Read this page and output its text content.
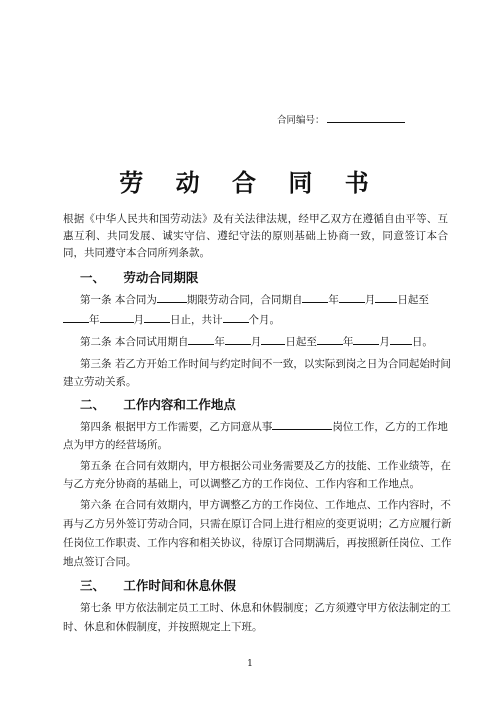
合同编号：
劳 动 合 同 书
根据《中华人民共和国劳动法》及有关法律法规，经甲乙双方在遵循自由平等、互惠互利、共同发展、诚实守信、遵纪守法的原则基础上协商一致，同意签订本合同，共同遵守本合同所列条款。
一、 劳动合同期限
第一条 本合同为	期限劳动合同，合同期自 年 月 日起至
年	月 日止，共计 个月。
第二条 本合同试用期自 年 月 日起至 年 月 日。
第三条 若乙方开始工作时间与约定时间不一致，以实际到岗之日为合同起始时间
建立劳动关系。
二、 工作内容和工作地点
第四条 根据甲方工作需要，乙方同意从事	岗位工作，乙方的工作地
点为甲方的经营场所。
第五条 在合同有效期内，甲方根据公司业务需要及乙方的技能、工作业绩等，在
与乙方充分协商的基础上，可以调整乙方的工作岗位、工作内容和工作地点。
第六条 在合同有效期内，甲方调整乙方的工作岗位、工作地点、工作内容时，不
再与乙方另外签订劳动合同，只需在原订合同上进行相应的变更说明；乙方应履行新
任岗位工作职责、工作内容和相关协议，待原订合同期满后，再按照新任岗位、工作
地点签订合同。
三、 工作时间和休息休假
第七条 甲方依法制定员工工时、休息和休假制度；乙方须遵守甲方依法制定的工
时、休息和休假制度，并按照规定上下班。
1
